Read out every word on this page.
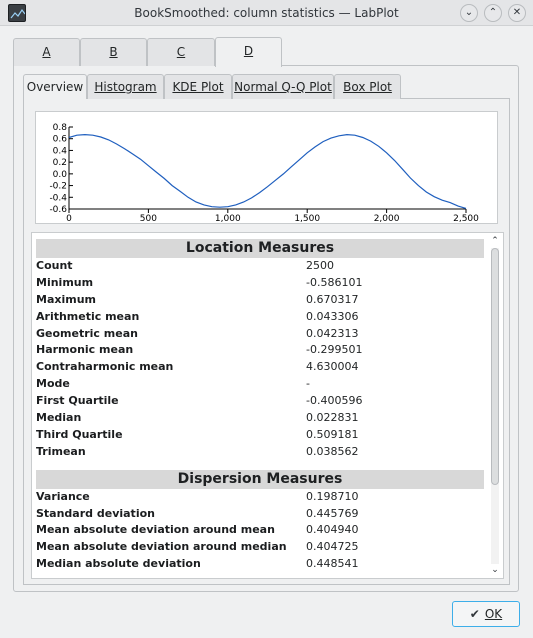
BookSmoothed: column statistics — LabPlot	⌄	⌃	✕
A	B	C	D
Overview Histogram	KDE Plot Normal Q-Q Plot Box Plot
0	500	1,000	1,500	2,000	2,500
0.8
0.6
0.4
0.2
0.0
-0.2
-0.4
-0.6
Location Measures
Count	2500
Minimum	-0.586101
Maximum	0.670317
Arithmetic mean	0.043306
Geometric mean	0.042313
Harmonic mean	-0.299501
Contraharmonic mean	4.630004
Mode	-
First Quartile	-0.400596
Median	0.022831
Third Quartile	0.509181
Trimean	0.038562
Dispersion Measures
Variance	0.198710
Standard deviation	0.445769
Mean absolute deviation around mean	0.404940
Mean absolute deviation around median 0.404725
Median absolute deviation	0.448541
⌃
⌄
✔ OK
